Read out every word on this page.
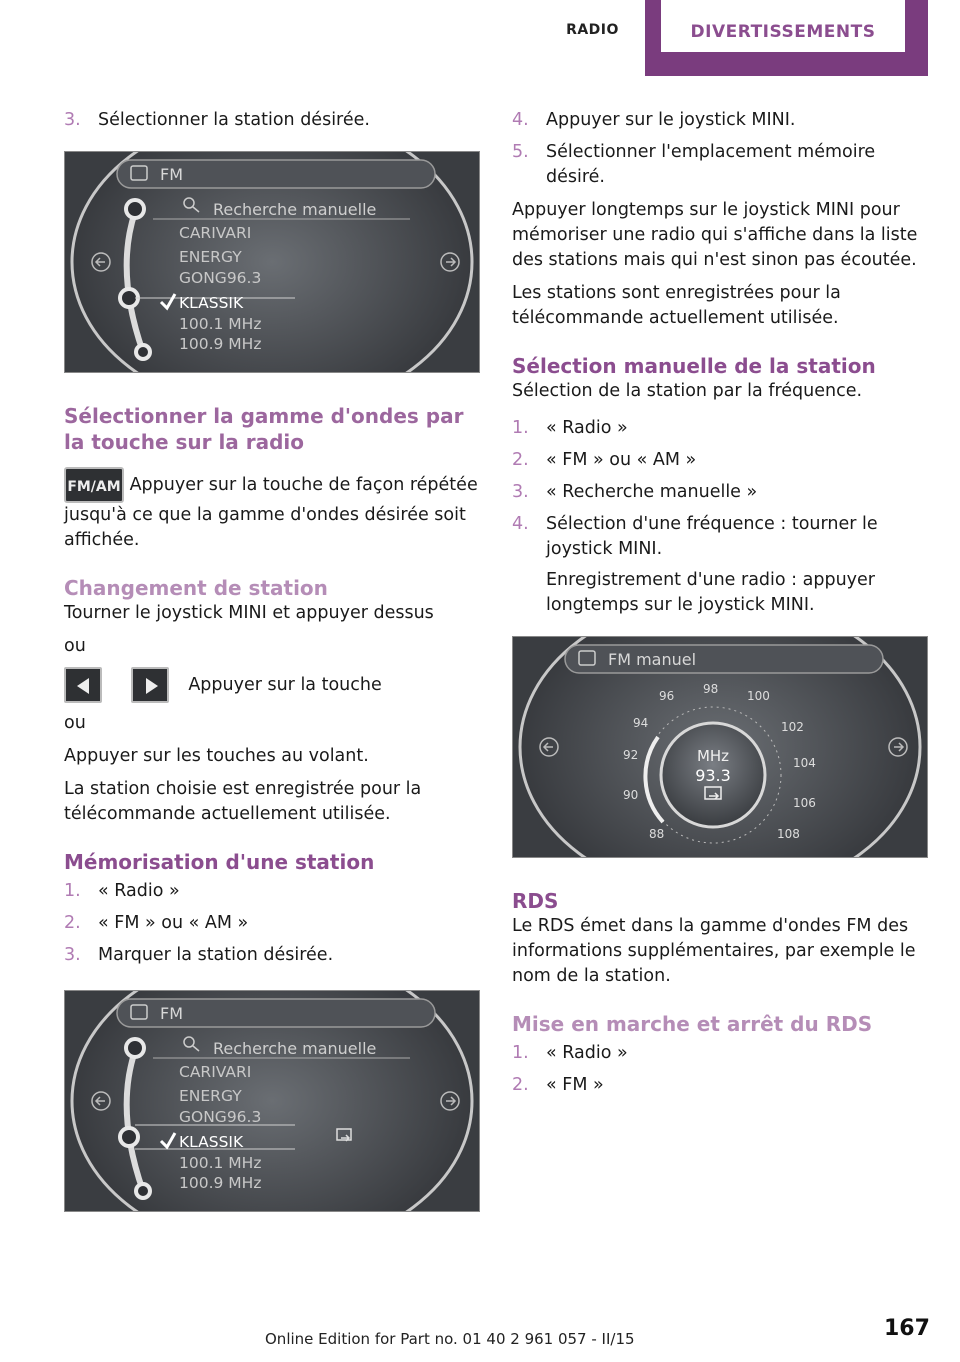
RADIO	DIVERTISSEMENTS
3. Sélectionner la station désirée.
FM
Recherche manuelle
CARIVARI
ENERGY
GONG96.3
KLASSIK
100.1 MHz
100.9 MHz
Sélectionner la gamme d'ondes par la touche sur la radio

FM/AM Appuyer sur la touche de façon répétée jusqu'à ce que la gamme d'ondes désirée soit affichée.

Changement de station

Tourner le joystick MINI et appuyer dessus

ou

Appuyer sur la touche

ou

Appuyer sur les touches au volant.

La station choisie est enregistrée pour la télécommande actuellement utilisée.

Mémorisation d'une station
1. « Radio »
2. « FM » ou « AM »
3. Marquer la station désirée.
FM
Recherche manuelle
CARIVARI
ENERGY
GONG96.3
KLASSIK
100.1 MHz
100.9 MHz
4. Appuyer sur le joystick MINI.
5. Sélectionner l'emplacement mémoire désiré.

Appuyer longtemps sur le joystick MINI pour mémoriser une radio qui s'affiche dans la liste des stations mais qui n'est sinon pas écoutée.

Les stations sont enregistrées pour la télécommande actuellement utilisée.

Sélection manuelle de la station

Sélection de la station par la fréquence.

1. « Radio »
2. « FM » ou « AM »
3. « Recherche manuelle »
4. Sélection d'une fréquence : tourner le joystick MINI.
Enregistrement d'une radio : appuyer longtemps sur le joystick MINI.
FM manuel
MHz
93.3
88
90
92
94
96 98 100
102
104
106
108
RDS

Le RDS émet dans la gamme d'ondes FM des informations supplémentaires, par exemple le nom de la station.

Mise en marche et arrêt du RDS
1. « Radio »
2. « FM »
167
Online Edition for Part no. 01 40 2 961 057 - II/15
